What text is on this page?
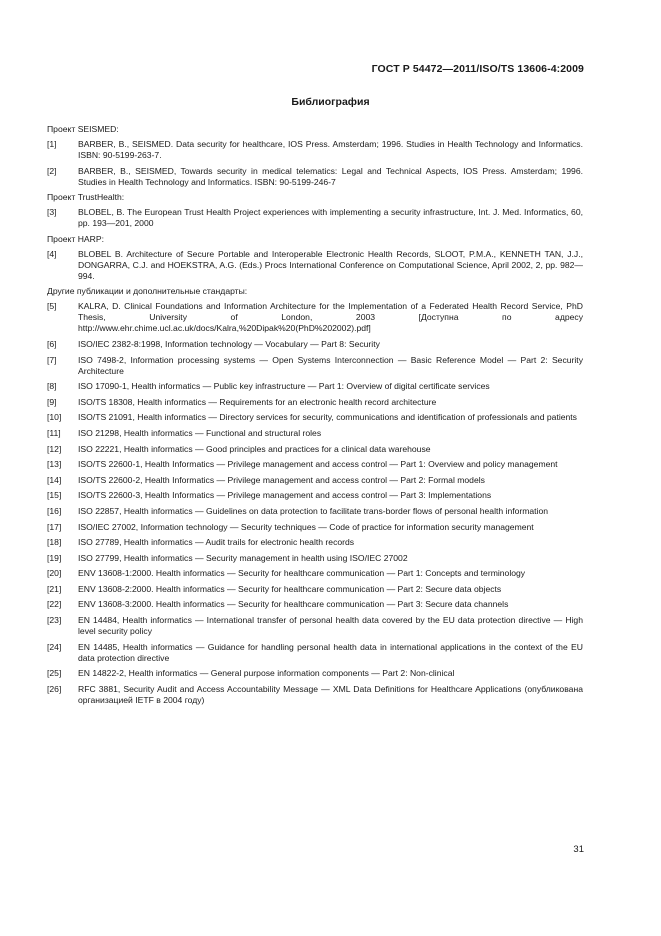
ГОСТ Р 54472—2011/ISO/TS 13606-4:2009
Библиография
Проект SEISMED:
[1]	BARBER, B., SEISMED. Data security for healthcare, IOS Press. Amsterdam; 1996. Studies in Health Technology and Informatics. ISBN: 90-5199-263-7.
[2]	BARBER, B., SEISMED, Towards security in medical telematics: Legal and Technical Aspects, IOS Press. Amsterdam; 1996. Studies in Health Technology and Informatics. ISBN: 90-5199-246-7
Проект TrustHealth:
[3]	BLOBEL, B. The European Trust Health Project experiences with implementing a security infrastructure, Int. J. Med. Informatics, 60, pp. 193—201, 2000
Проект HARP:
[4]	BLOBEL B. Architecture of Secure Portable and Interoperable Electronic Health Records, SLOOT, P.M.A., KENNETH TAN, J.J., DONGARRA, C.J. and HOEKSTRA, A.G. (Eds.) Procs International Conference on Computational Science, April 2002, 2, pp. 982—994.
Другие публикации и дополнительные стандарты:
[5]	KALRA, D. Clinical Foundations and Information Architecture for the Implementation of a Federated Health Record Service, PhD Thesis, University of London, 2003 [Доступна по адресу http://www.ehr.chime.ucl.ac.uk/docs/Kalra,%20Dipak%20(PhD%202002).pdf]
[6]	ISO/IEC 2382-8:1998, Information technology — Vocabulary — Part 8: Security
[7]	ISO 7498-2, Information processing systems — Open Systems Interconnection — Basic Reference Model — Part 2: Security Architecture
[8]	ISO 17090-1, Health informatics — Public key infrastructure — Part 1: Overview of digital certificate services
[9]	ISO/TS 18308, Health informatics — Requirements for an electronic health record architecture
[10]	ISO/TS 21091, Health informatics — Directory services for security, communications and identification of professionals and patients
[11]	ISO 21298, Health informatics — Functional and structural roles
[12]	ISO 22221, Health informatics — Good principles and practices for a clinical data warehouse
[13]	ISO/TS 22600-1, Health Informatics — Privilege management and access control — Part 1: Overview and policy management
[14]	ISO/TS 22600-2, Health Informatics — Privilege management and access control — Part 2: Formal models
[15]	ISO/TS 22600-3, Health Informatics — Privilege management and access control — Part 3: Implementations
[16]	ISO 22857, Health informatics — Guidelines on data protection to facilitate trans-border flows of personal health information
[17]	ISO/IEC 27002, Information technology — Security techniques — Code of practice for information security management
[18]	ISO 27789, Health informatics — Audit trails for electronic health records
[19]	ISO 27799, Health informatics — Security management in health using ISO/IEC 27002
[20]	ENV 13608-1:2000. Health informatics — Security for healthcare communication — Part 1: Concepts and terminology
[21]	ENV 13608-2:2000. Health informatics — Security for healthcare communication — Part 2: Secure data objects
[22]	ENV 13608-3:2000. Health informatics — Security for healthcare communication — Part 3: Secure data channels
[23]	EN 14484, Health informatics — International transfer of personal health data covered by the EU data protection directive — High level security policy
[24]	EN 14485, Health informatics — Guidance for handling personal health data in international applications in the context of the EU data protection directive
[25]	EN 14822-2, Health informatics — General purpose information components — Part 2: Non-clinical
[26]	RFC 3881, Security Audit and Access Accountability Message — XML Data Definitions for Healthcare Applications (опубликована организацией IETF в 2004 году)
31
